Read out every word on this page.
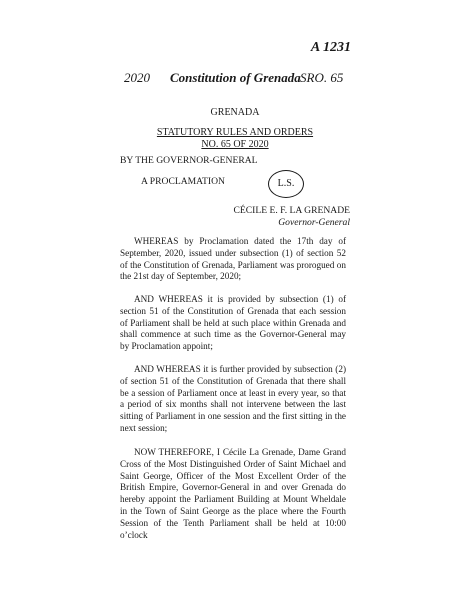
A 1231
2020 Constitution of Grenada SRO. 65
GRENADA
STATUTORY RULES AND ORDERS
NO. 65 OF 2020
BY THE GOVERNOR-GENERAL
A PROCLAMATION	L.S.
CÉCILE E. F. LA GRENADE
Governor-General

WHEREAS by Proclamation dated the 17th day of September, 2020, issued under subsection (1) of section 52 of the Constitution of Grenada, Parliament was prorogued on the 21st day of September, 2020;

AND WHEREAS it is provided by subsection (1) of section 51 of the Constitution of Grenada that each session of Parliament shall be held at such place within Grenada and shall commence at such time as the Governor-General may by Proclamation appoint;

AND WHEREAS it is further provided by subsection (2) of section 51 of the Constitution of Grenada that there shall be a session of Parliament once at least in every year, so that a period of six months shall not intervene between the last sitting of Parliament in one session and the first sitting in the next session;

NOW THEREFORE, I Cécile La Grenade, Dame Grand Cross of the Most Distinguished Order of Saint Michael and Saint George, Officer of the Most Excellent Order of the British Empire, Governor-General in and over Grenada do hereby appoint the Parliament Building at Mount Wheldale in the Town of Saint George as the place where the Fourth Session of the Tenth Parliament shall be held at 10:00 o’clock
